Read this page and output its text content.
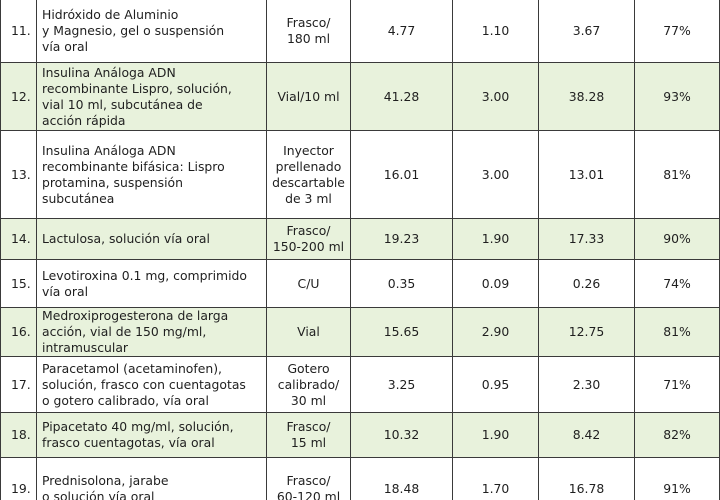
11.	Hidróxido de Aluminio
y Magnesio, gel o suspensión
vía oral	Frasco/
180 ml	4.77	1.10	3.67	77%
12.	Insulina Análoga ADN
recombinante Lispro, solución,
vial 10 ml, subcutánea de
acción rápida	Vial/10 ml	41.28	3.00	38.28	93%
13.	Insulina Análoga ADN
recombinante bifásica: Lispro
protamina, suspensión
subcutánea	Inyector
prellenado
descartable
de 3 ml	16.01	3.00	13.01	81%
14.	Lactulosa, solución vía oral	Frasco/
150-200 ml	19.23	1.90	17.33	90%
15.	Levotiroxina 0.1 mg, comprimido
vía oral	C/U	0.35	0.09	0.26	74%
16.	Medroxiprogesterona de larga
acción, vial de 150 mg/ml,
intramuscular	Vial	15.65	2.90	12.75	81%
17.	Paracetamol (acetaminofen),
solución, frasco con cuentagotas
o gotero calibrado, vía oral	Gotero
calibrado/
30 ml	3.25	0.95	2.30	71%
18.	Pipacetato 40 mg/ml, solución,
frasco cuentagotas, vía oral	Frasco/
15 ml	10.32	1.90	8.42	82%
19.	Prednisolona, jarabe
o solución vía oral	Frasco/
60-120 ml	18.48	1.70	16.78	91%
